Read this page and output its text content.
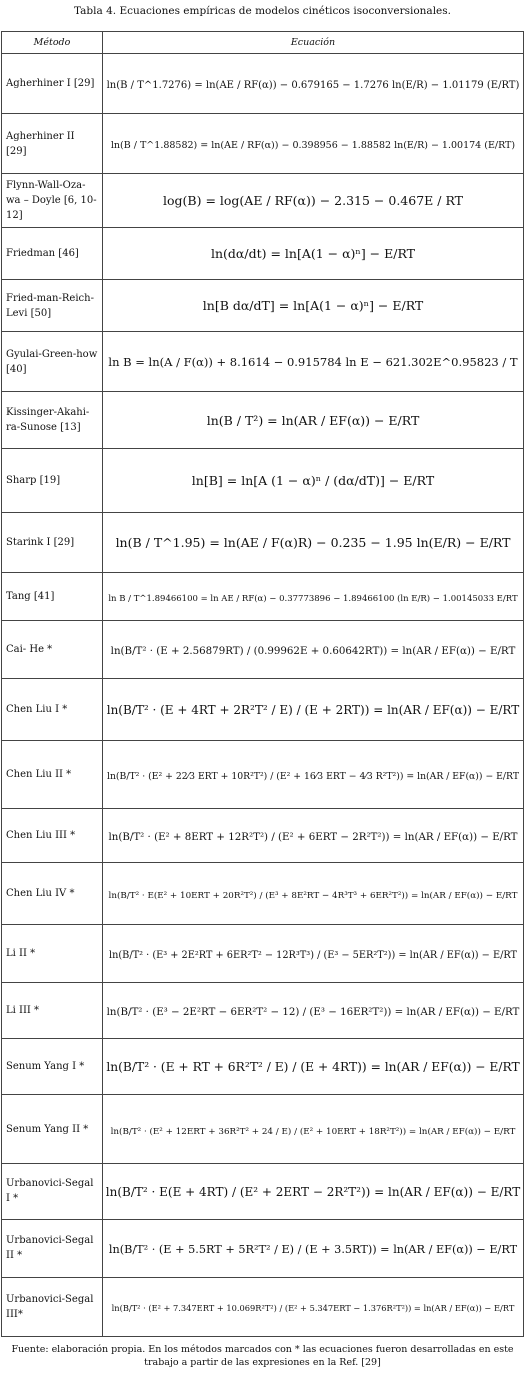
Tabla 4. Ecuaciones empíricas de modelos cinéticos isoconversionales.
Método	Ecuación
Agherhiner I [29]	ln(B / T^1.7276) = ln(AE / RF(α)) − 0.679165 − 1.7276 ln(E/R) − 1.01179 (E/RT)
Agherhiner II [29]	ln(B / T^1.88582) = ln(AE / RF(α)) − 0.398956 − 1.88582 ln(E/R) − 1.00174 (E/RT)
Flynn-Wall-Oza-wa – Doyle [6, 10-12]	log(B) = log(AE / RF(α)) − 2.315 − 0.467E / RT
Friedman [46]	ln(dα/dt) = ln[A(1 − α)ⁿ] − E/RT
Fried-man-Reich-Levi [50]	ln[B dα/dT] = ln[A(1 − α)ⁿ] − E/RT
Gyulai-Green-how [40]	ln B = ln(A / F(α)) + 8.1614 − 0.915784 ln E − 621.302E^0.95823 / T
Kissinger-Akahi-ra-Sunose [13]	ln(B / T²) = ln(AR / EF(α)) − E/RT
Sharp [19]	ln[B] = ln[A (1 − α)ⁿ / (dα/dT)] − E/RT
Starink I [29]	ln(B / T^1.95) = ln(AE / F(α)R) − 0.235 − 1.95 ln(E/R) − E/RT
Tang [41]	ln B / T^1.89466100 = ln AE / RF(α) − 0.37773896 − 1.89466100 (ln E/R) − 1.00145033 E/RT
Cai- He *	ln(B/T² · (E + 2.56879RT) / (0.99962E + 0.60642RT)) = ln(AR / EF(α)) − E/RT
Chen Liu I *	ln(B/T² · (E + 4RT + 2R²T² / E) / (E + 2RT)) = ln(AR / EF(α)) − E/RT
Chen Liu II *	ln(B/T² · (E² + 22⁄3 ERT + 10R²T²) / (E² + 16⁄3 ERT − 4⁄3 R²T²)) = ln(AR / EF(α)) − E/RT
Chen Liu III *	ln(B/T² · (E² + 8ERT + 12R²T²) / (E² + 6ERT − 2R²T²)) = ln(AR / EF(α)) − E/RT
Chen Liu IV *	ln(B/T² · E(E² + 10ERT + 20R²T²) / (E³ + 8E²RT − 4R³T³ + 6ER²T²)) = ln(AR / EF(α)) − E/RT
Li II *	ln(B/T² · (E³ + 2E²RT + 6ER²T² − 12R³T³) / (E³ − 5ER²T²)) = ln(AR / EF(α)) − E/RT
Li III *	ln(B/T² · (E³ − 2E²RT − 6ER²T² − 12) / (E³ − 16ER²T²)) = ln(AR / EF(α)) − E/RT
Senum Yang I *	ln(B/T² · (E + RT + 6R²T² / E) / (E + 4RT)) = ln(AR / EF(α)) − E/RT
Senum Yang II *	ln(B/T² · (E² + 12ERT + 36R²T² + 24 / E) / (E² + 10ERT + 18R²T²)) = ln(AR / EF(α)) − E/RT
Urbanovici-Segal I *	ln(B/T² · E(E + 4RT) / (E² + 2ERT − 2R²T²)) = ln(AR / EF(α)) − E/RT
Urbanovici-Segal II *	ln(B/T² · (E + 5.5RT + 5R²T² / E) / (E + 3.5RT)) = ln(AR / EF(α)) − E/RT
Urbanovici-Segal III*	ln(B/T² · (E² + 7.347ERT + 10.069R²T²) / (E² + 5.347ERT − 1.376R²T²)) = ln(AR / EF(α)) − E/RT
Fuente: elaboración propia. En los métodos marcados con * las ecuaciones fueron desarrolladas en este trabajo a partir de las expresiones en la Ref. [29]
